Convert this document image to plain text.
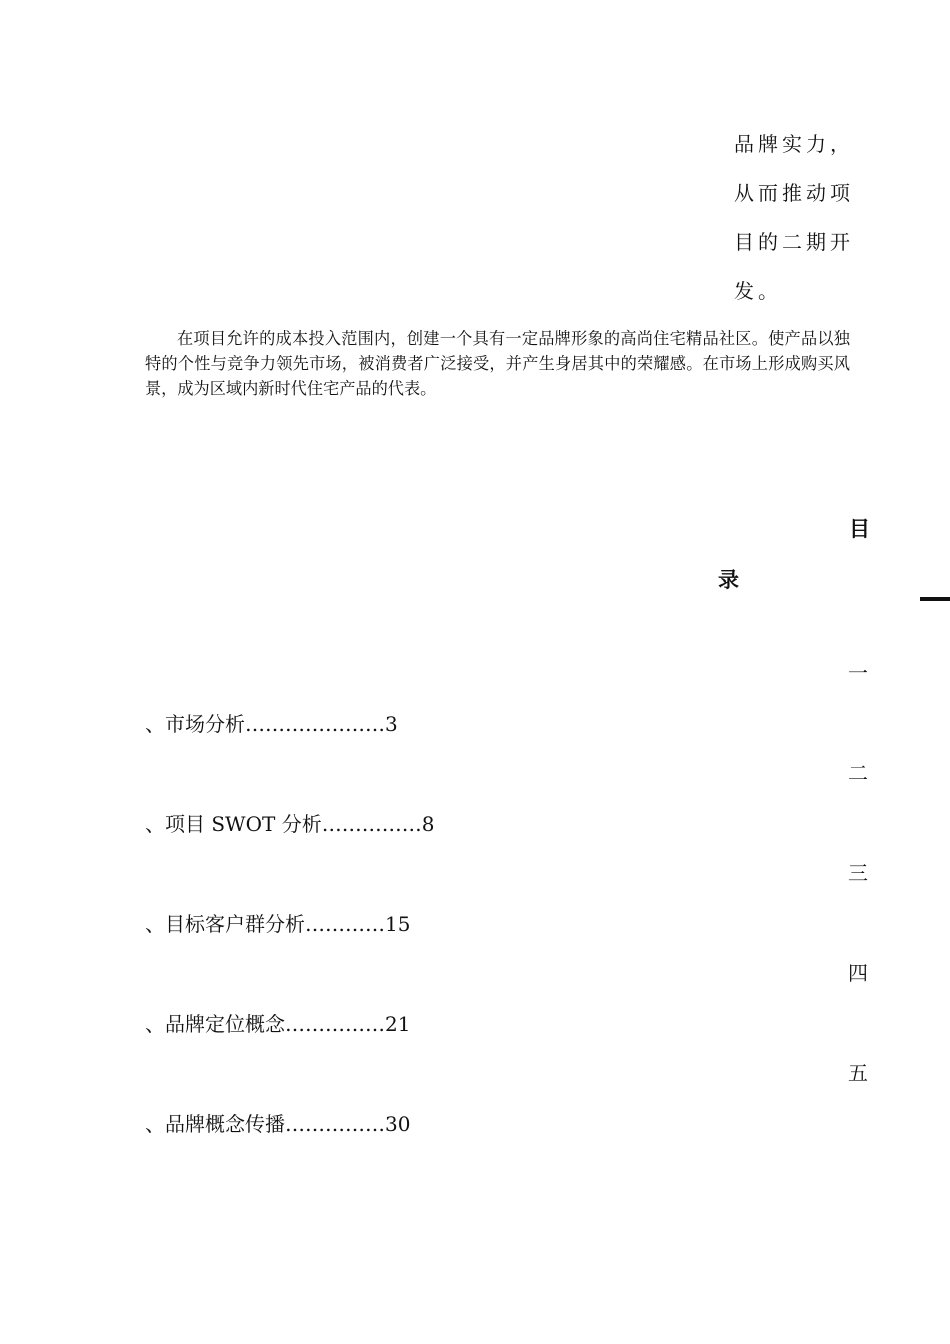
品牌实力，
从而推动项
目的二期开
发。

在项目允许的成本投入范围内，创建一个具有一定品牌形象的高尚住宅精品社区。使产品以独特的个性与竞争力领先市场，被消费者广泛接受，并产生身居其中的荣耀感。在市场上形成购买风景，成为区域内新时代住宅产品的代表。

目
录
一
、市场分析…………………3
二
、项目 SWOT 分析……………8
三
、目标客户群分析…………15
四
、品牌定位概念……………21
五
、品牌概念传播……………30
